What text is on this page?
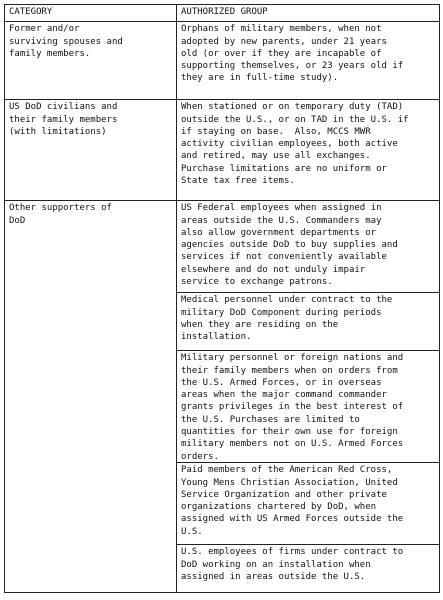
CATEGORY	AUTHORIZED GROUP
Former and/or
surviving spouses and
family members.
Orphans of military members, when not
adopted by new parents, under 21 years
old (or over if they are incapable of
supporting themselves, or 23 years old if
they are in full-time study).
US DoD civilians and
their family members
(with limitations)
When stationed or on temporary duty (TAD)
outside the U.S., or on TAD in the U.S. if
if staying on base.  Also, MCCS MWR
activity civilian employees, both active
and retired, may use all exchanges.
Purchase limitations are no uniform or
State tax free items.
Other supporters of
DoD
US Federal employees when assigned in
areas outside the U.S. Commanders may
also allow government departments or
agencies outside DoD to buy supplies and
services if not conveniently available
elsewhere and do not unduly impair
service to exchange patrons.
Medical personnel under contract to the
military DoD Component during periods
when they are residing on the
installation.
Military personnel or foreign nations and
their family members when on orders from
the U.S. Armed Forces, or in overseas
areas when the major command commander
grants privileges in the best interest of
the U.S. Purchases are limited to
quantities for their own use for foreign
military members not on U.S. Armed Forces
orders.
Paid members of the American Red Cross,
Young Mens Christian Association, United
Service Organization and other private
organizations chartered by DoD, when
assigned with US Armed Forces outside the
U.S.
U.S. employees of firms under contract to
DoD working on an installation when
assigned in areas outside the U.S.
